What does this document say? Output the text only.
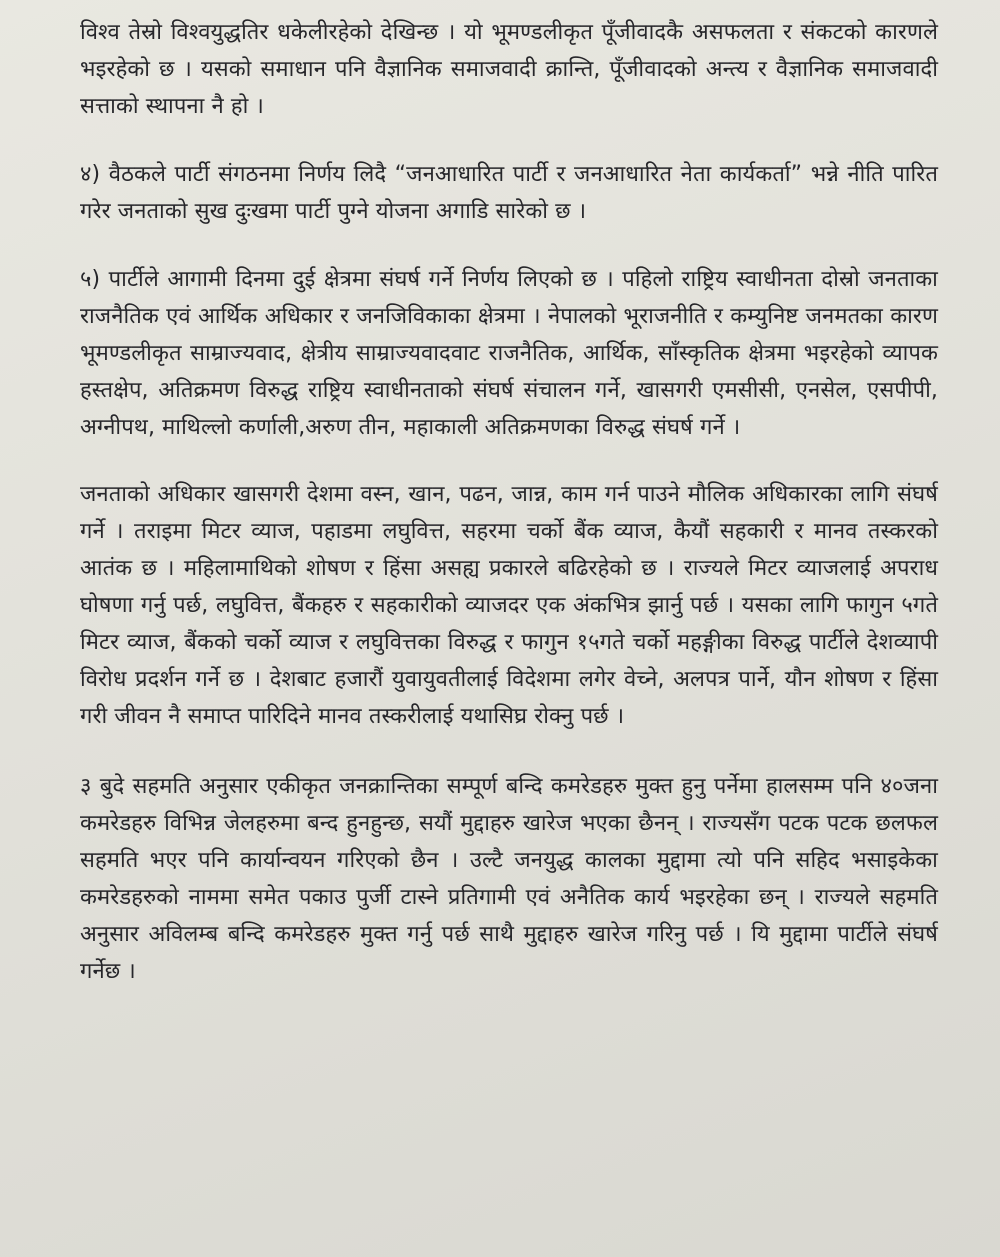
विश्व तेस्रो विश्वयुद्धतिर धकेलीरहेको देखिन्छ । यो भूमण्डलीकृत पूँजीवादकै असफलता र संकटको कारणले भइरहेको छ । यसको समाधान पनि वैज्ञानिक समाजवादी क्रान्ति, पूँजीवादको अन्त्य र वैज्ञानिक समाजवादी सत्ताको स्थापना नै हो ।

४) वैठकले पार्टी संगठनमा निर्णय लिदै “जनआधारित पार्टी र जनआधारित नेता कार्यकर्ता” भन्ने नीति पारित गरेर जनताको सुख दुःखमा पार्टी पुग्ने योजना अगाडि सारेको छ ।

५) पार्टीले आगामी दिनमा दुई क्षेत्रमा संघर्ष गर्ने निर्णय लिएको छ । पहिलो राष्ट्रिय स्वाधीनता दोस्रो जनताका राजनैतिक एवं आर्थिक अधिकार र जनजिविकाका क्षेत्रमा । नेपालको भूराजनीति र कम्युनिष्ट जनमतका कारण भूमण्डलीकृत साम्राज्यवाद, क्षेत्रीय साम्राज्यवादवाट राजनैतिक, आर्थिक, साँस्कृतिक क्षेत्रमा भइरहेको व्यापक हस्तक्षेप, अतिक्रमण विरुद्ध राष्ट्रिय स्वाधीनताको संघर्ष संचालन गर्ने, खासगरी एमसीसी, एनसेल, एसपीपी, अग्नीपथ, माथिल्लो कर्णाली,अरुण तीन, महाकाली अतिक्रमणका विरुद्ध संघर्ष गर्ने ।

जनताको अधिकार खासगरी देशमा वस्न, खान, पढन, जान्न, काम गर्न पाउने मौलिक अधिकारका लागि संघर्ष गर्ने । तराइमा मिटर व्याज, पहाडमा लघुवित्त, सहरमा चर्को बैंक व्याज, कैयौं सहकारी र मानव तस्करको आतंक छ । महिलामाथिको शोषण र हिंसा असह्य प्रकारले बढिरहेको छ । राज्यले मिटर व्याजलाई अपराध घोषणा गर्नु पर्छ, लघुवित्त, बैंकहरु र सहकारीको व्याजदर एक अंकभित्र झार्नु पर्छ । यसका लागि फागुन ५गते मिटर व्याज, बैंकको चर्को व्याज र लघुवित्तका विरुद्ध र फागुन १५गते चर्को महङ्गीका विरुद्ध पार्टीले देशव्यापी विरोध प्रदर्शन गर्ने छ । देशबाट हजारौं युवायुवतीलाई विदेशमा लगेर वेच्ने, अलपत्र पार्ने, यौन शोषण र हिंसा गरी जीवन नै समाप्त पारिदिने मानव तस्करीलाई यथासिघ्र रोक्नु पर्छ ।

३ बुदे सहमति अनुसार एकीकृत जनक्रान्तिका सम्पूर्ण बन्दि कमरेडहरु मुक्त हुनु पर्नेमा हालसम्म पनि ४०जना कमरेडहरु विभिन्न जेलहरुमा बन्द हुनहुन्छ, सयौं मुद्दाहरु खारेज भएका छैनन् । राज्यसँग पटक पटक छलफल सहमति भएर पनि कार्यान्वयन गरिएको छैन । उल्टै जनयुद्ध कालका मुद्दामा त्यो पनि सहिद भसाइकेका कमरेडहरुको नाममा समेत पकाउ पुर्जी टास्ने प्रतिगामी एवं अनैतिक कार्य भइरहेका छन् । राज्यले सहमति अनुसार अविलम्ब बन्दि कमरेडहरु मुक्त गर्नु पर्छ साथै मुद्दाहरु खारेज गरिनु पर्छ । यि मुद्दामा पार्टीले संघर्ष गर्नेछ ।
